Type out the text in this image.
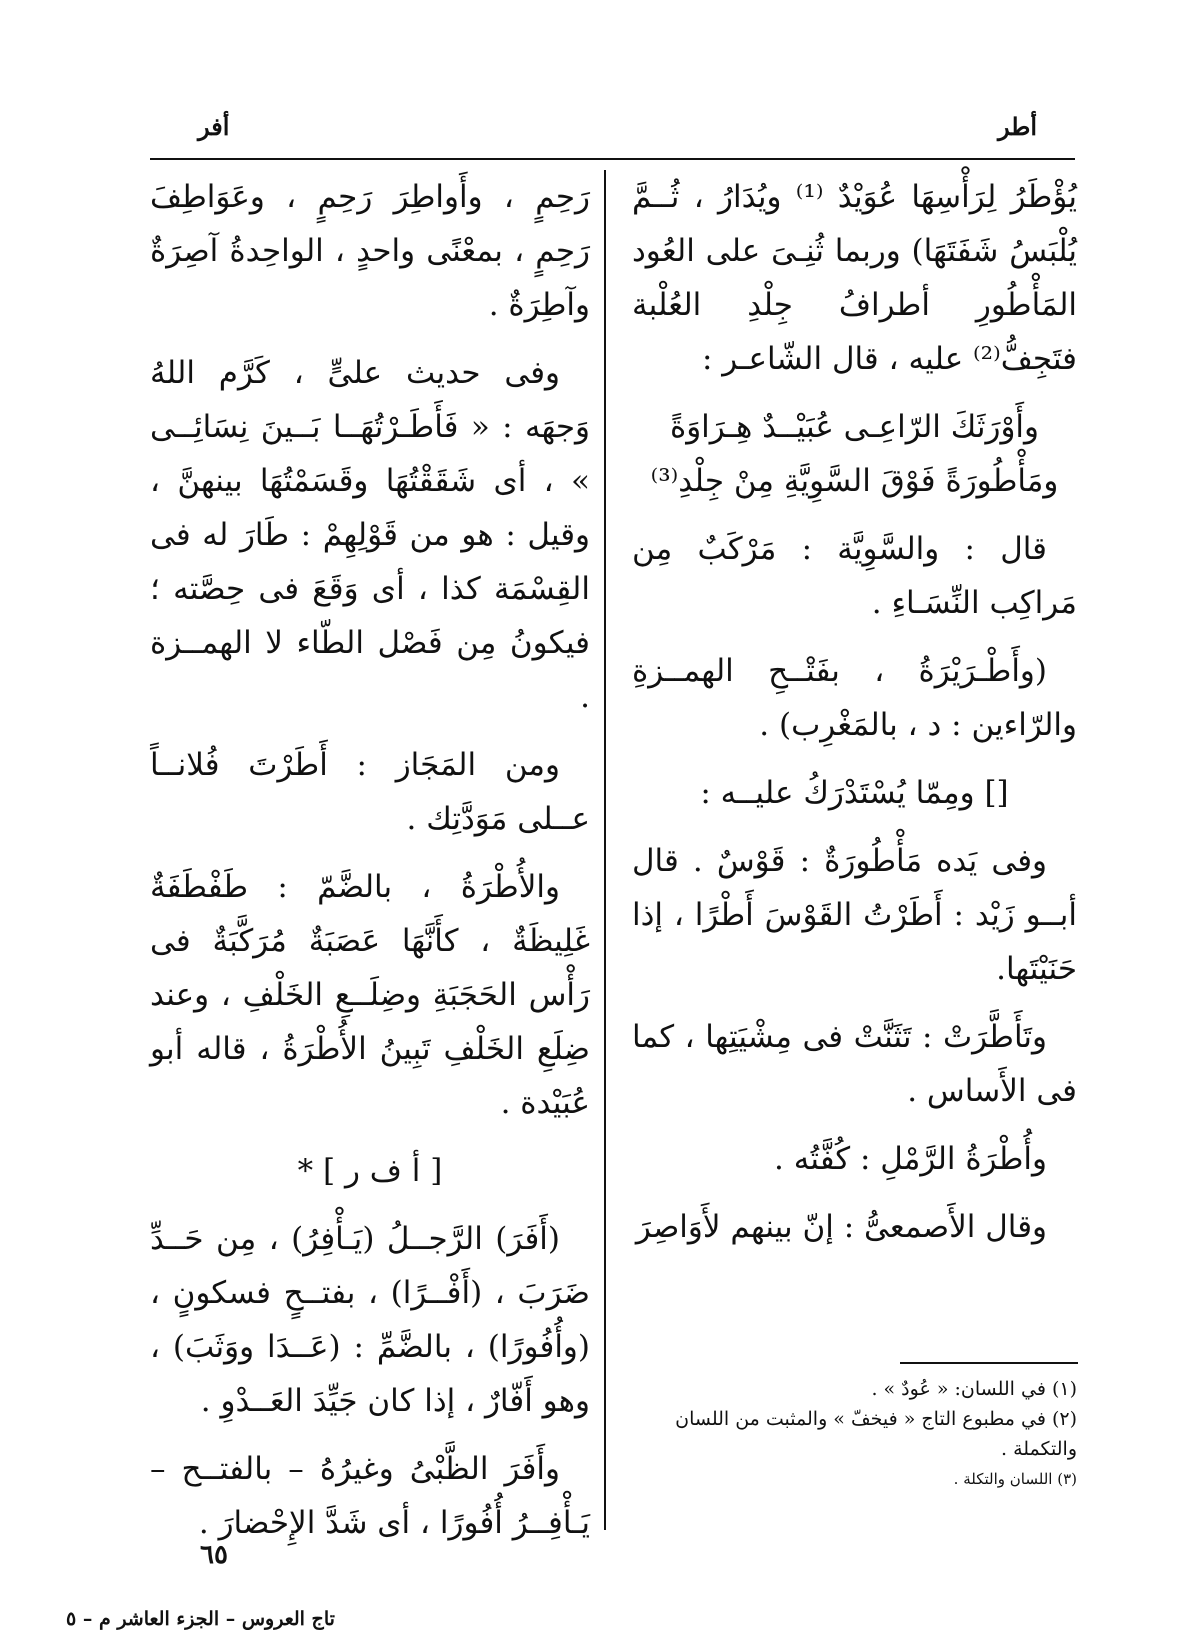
أطر
أفر

يُؤْطَرُ لِرَأْسِهَا عُوَيْدٌ ⁽¹⁾ ويُدَارُ ، ثُــمَّ يُلْبَسُ شَفَتَهَا) وربما ثُنِـىَ على العُود المَأْطُورِ أطرافُ جِلْدِ العُلْبة فتَجِفُّ⁽²⁾ عليه ، قال الشّاعـر :

وأَوْرَثَكَ الرّاعِـى عُبَيْــدٌ هِـرَاوَةً
ومَأْطُورَةً فَوْقَ السَّوِيَّةِ مِنْ جِلْدِ⁽³⁾

قال : والسَّوِيَّة : مَرْكَبٌ مِن مَراكِب النِّسَـاءِ .

(وأَطْـرَيْرَةُ ، بفَتْــحِ الهمــزةِ والرّاءين : د ، بالمَغْرِب) .

[] ومِمّا يُسْتَدْرَكُ عليــه :

وفى يَده مَأْطُورَةٌ : قَوْسٌ . قال أبــو زَيْد : أَطَرْتُ القَوْسَ أَطْرًا ، إذا حَنَيْتَها.

وتَأَطَّرَتْ : تَثَنَّتْ فى مِشْيَتِها ، كما فى الأَساس .

وأُطْرَةُ الرَّمْلِ : كُفَّتُه .

وقال الأَصمعىُّ : إنّ بينهم لأَوَاصِرَ

رَحِمٍ ، وأَواطِرَ رَحِمٍ ، وعَوَاطِفَ رَحِمٍ ، بمعْنًى واحدٍ ، الواحِدةُ آصِرَةٌ وآطِرَةٌ .

وفى حديث علىٍّ ، كَرَّم اللهُ وَجهَه : « فَأَطَـرْتُهَــا بَــينَ نِسَائِــى » ، أى شَقَقْتُهَا وقَسَمْتُهَا بينهنَّ ، وقيل : هو من قَوْلِهِمْ : طَارَ له فى القِسْمَة كذا ، أى وَقَعَ فى حِصَّته ؛ فيكونُ مِن فَصْل الطّاء لا الهمــزة .

ومن المَجَاز : أَطَرْتَ فُلانــاً عــلى مَوَدَّتِك .

والأُطْرَةُ ، بالضَّمّ : طَفْطَفَةٌ غَلِيظَةٌ ، كأَنَّهَا عَصَبَةٌ مُرَكَّبَةٌ فى رَأْس الحَجَبَةِ وضِلَــعِ الخَلْفِ ، وعند ضِلَعِ الخَلْفِ تَبِينُ الأُطْرَةُ ، قاله أبو عُبَيْدة .

[ أ ف ر ] *

(أَفَرَ) الرَّجــلُ (يَـأْفِرُ) ، مِن حَــدِّ ضَرَبَ ، (أَفْــرًا) ، بفتــحٍ فسكونٍ ، (وأُفُورًا) ، بالضَّمِّ : (عَــدَا ووَثَبَ) ، وهو أَفّارٌ ، إذا كان جَيِّدَ العَــدْوِ .

وأَفَرَ الظَّبْىُ وغيرُهُ – بالفتــح – يَـأْفِــرُ أُفُورًا ، أى شَدَّ الإِحْضارَ .

(١) في اللسان: « عُودٌ » .
(٢) في مطبوع التاج « فيخفّ » والمثبت من اللسان والتكملة .
(٣) اللسان والتكلة .
٦٥
تاج العروس – الجزء العاشر م – ٥
